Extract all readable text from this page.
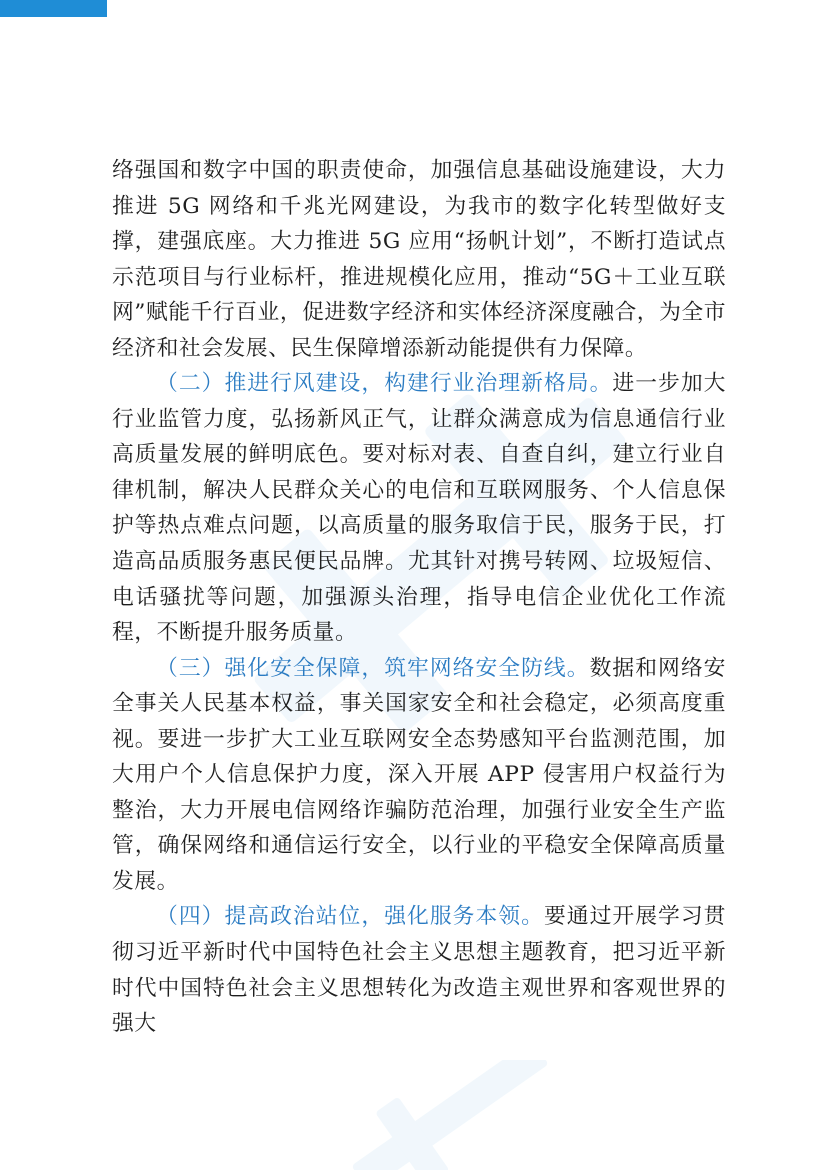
络强国和数字中国的职责使命，加强信息基础设施建设，大力推进 5G 网络和千兆光网建设，为我市的数字化转型做好支撑，建强底座。大力推进 5G 应用“扬帆计划”，不断打造试点示范项目与行业标杆，推进规模化应用，推动“5G＋工业互联网”赋能千行百业，促进数字经济和实体经济深度融合，为全市经济和社会发展、民生保障增添新动能提供有力保障。

（二）推进行风建设，构建行业治理新格局。进一步加大行业监管力度，弘扬新风正气，让群众满意成为信息通信行业高质量发展的鲜明底色。要对标对表、自查自纠，建立行业自律机制，解决人民群众关心的电信和互联网服务、个人信息保护等热点难点问题，以高质量的服务取信于民，服务于民，打造高品质服务惠民便民品牌。尤其针对携号转网、垃圾短信、电话骚扰等问题，加强源头治理，指导电信企业优化工作流程，不断提升服务质量。

（三）强化安全保障，筑牢网络安全防线。数据和网络安全事关人民基本权益，事关国家安全和社会稳定，必须高度重视。要进一步扩大工业互联网安全态势感知平台监测范围，加大用户个人信息保护力度，深入开展 APP 侵害用户权益行为整治，大力开展电信网络诈骗防范治理，加强行业安全生产监管，确保网络和通信运行安全，以行业的平稳安全保障高质量发展。

（四）提高政治站位，强化服务本领。要通过开展学习贯彻习近平新时代中国特色社会主义思想主题教育，把习近平新时代中国特色社会主义思想转化为改造主观世界和客观世界的强大
